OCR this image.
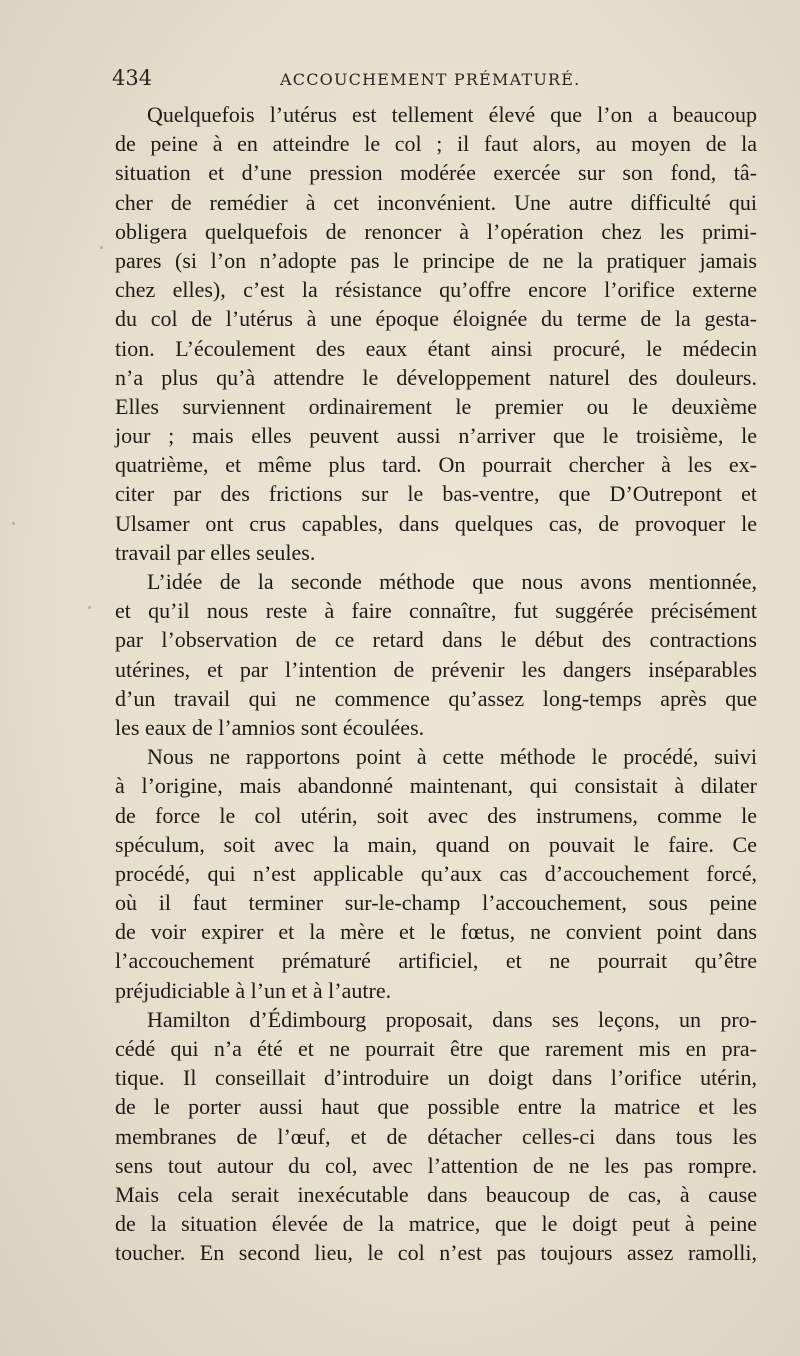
434	ACCOUCHEMENT PRÉMATURÉ.
Quelquefois l’utérus est tellement élevé que l’on a beaucoup
de peine à en atteindre le col ; il faut alors, au moyen de la
situation et d’une pression modérée exercée sur son fond, tâ-
cher de remédier à cet inconvénient. Une autre difficulté qui
obligera quelquefois de renoncer à l’opération chez les primi-
pares (si l’on n’adopte pas le principe de ne la pratiquer jamais
chez elles), c’est la résistance qu’offre encore l’orifice externe
du col de l’utérus à une époque éloignée du terme de la gesta-
tion. L’écoulement des eaux étant ainsi procuré, le médecin
n’a plus qu’à attendre le développement naturel des douleurs.
Elles surviennent ordinairement le premier ou le deuxième
jour ; mais elles peuvent aussi n’arriver que le troisième, le
quatrième, et même plus tard. On pourrait chercher à les ex-
citer par des frictions sur le bas-ventre, que D’Outrepont et
Ulsamer ont crus capables, dans quelques cas, de provoquer le
travail par elles seules.
L’idée de la seconde méthode que nous avons mentionnée,
et qu’il nous reste à faire connaître, fut suggérée précisément
par l’observation de ce retard dans le début des contractions
utérines, et par l’intention de prévenir les dangers inséparables
d’un travail qui ne commence qu’assez long-temps après que
les eaux de l’amnios sont écoulées.
Nous ne rapportons point à cette méthode le procédé, suivi
à l’origine, mais abandonné maintenant, qui consistait à dilater
de force le col utérin, soit avec des instrumens, comme le
spéculum, soit avec la main, quand on pouvait le faire. Ce
procédé, qui n’est applicable qu’aux cas d’accouchement forcé,
où il faut terminer sur-le-champ l’accouchement, sous peine
de voir expirer et la mère et le fœtus, ne convient point dans
l’accouchement prématuré artificiel, et ne pourrait qu’être
préjudiciable à l’un et à l’autre.
Hamilton d’Édimbourg proposait, dans ses leçons, un pro-
cédé qui n’a été et ne pourrait être que rarement mis en pra-
tique. Il conseillait d’introduire un doigt dans l’orifice utérin,
de le porter aussi haut que possible entre la matrice et les
membranes de l’œuf, et de détacher celles-ci dans tous les
sens tout autour du col, avec l’attention de ne les pas rompre.
Mais cela serait inexécutable dans beaucoup de cas, à cause
de la situation élevée de la matrice, que le doigt peut à peine
toucher. En second lieu, le col n’est pas toujours assez ramolli,
